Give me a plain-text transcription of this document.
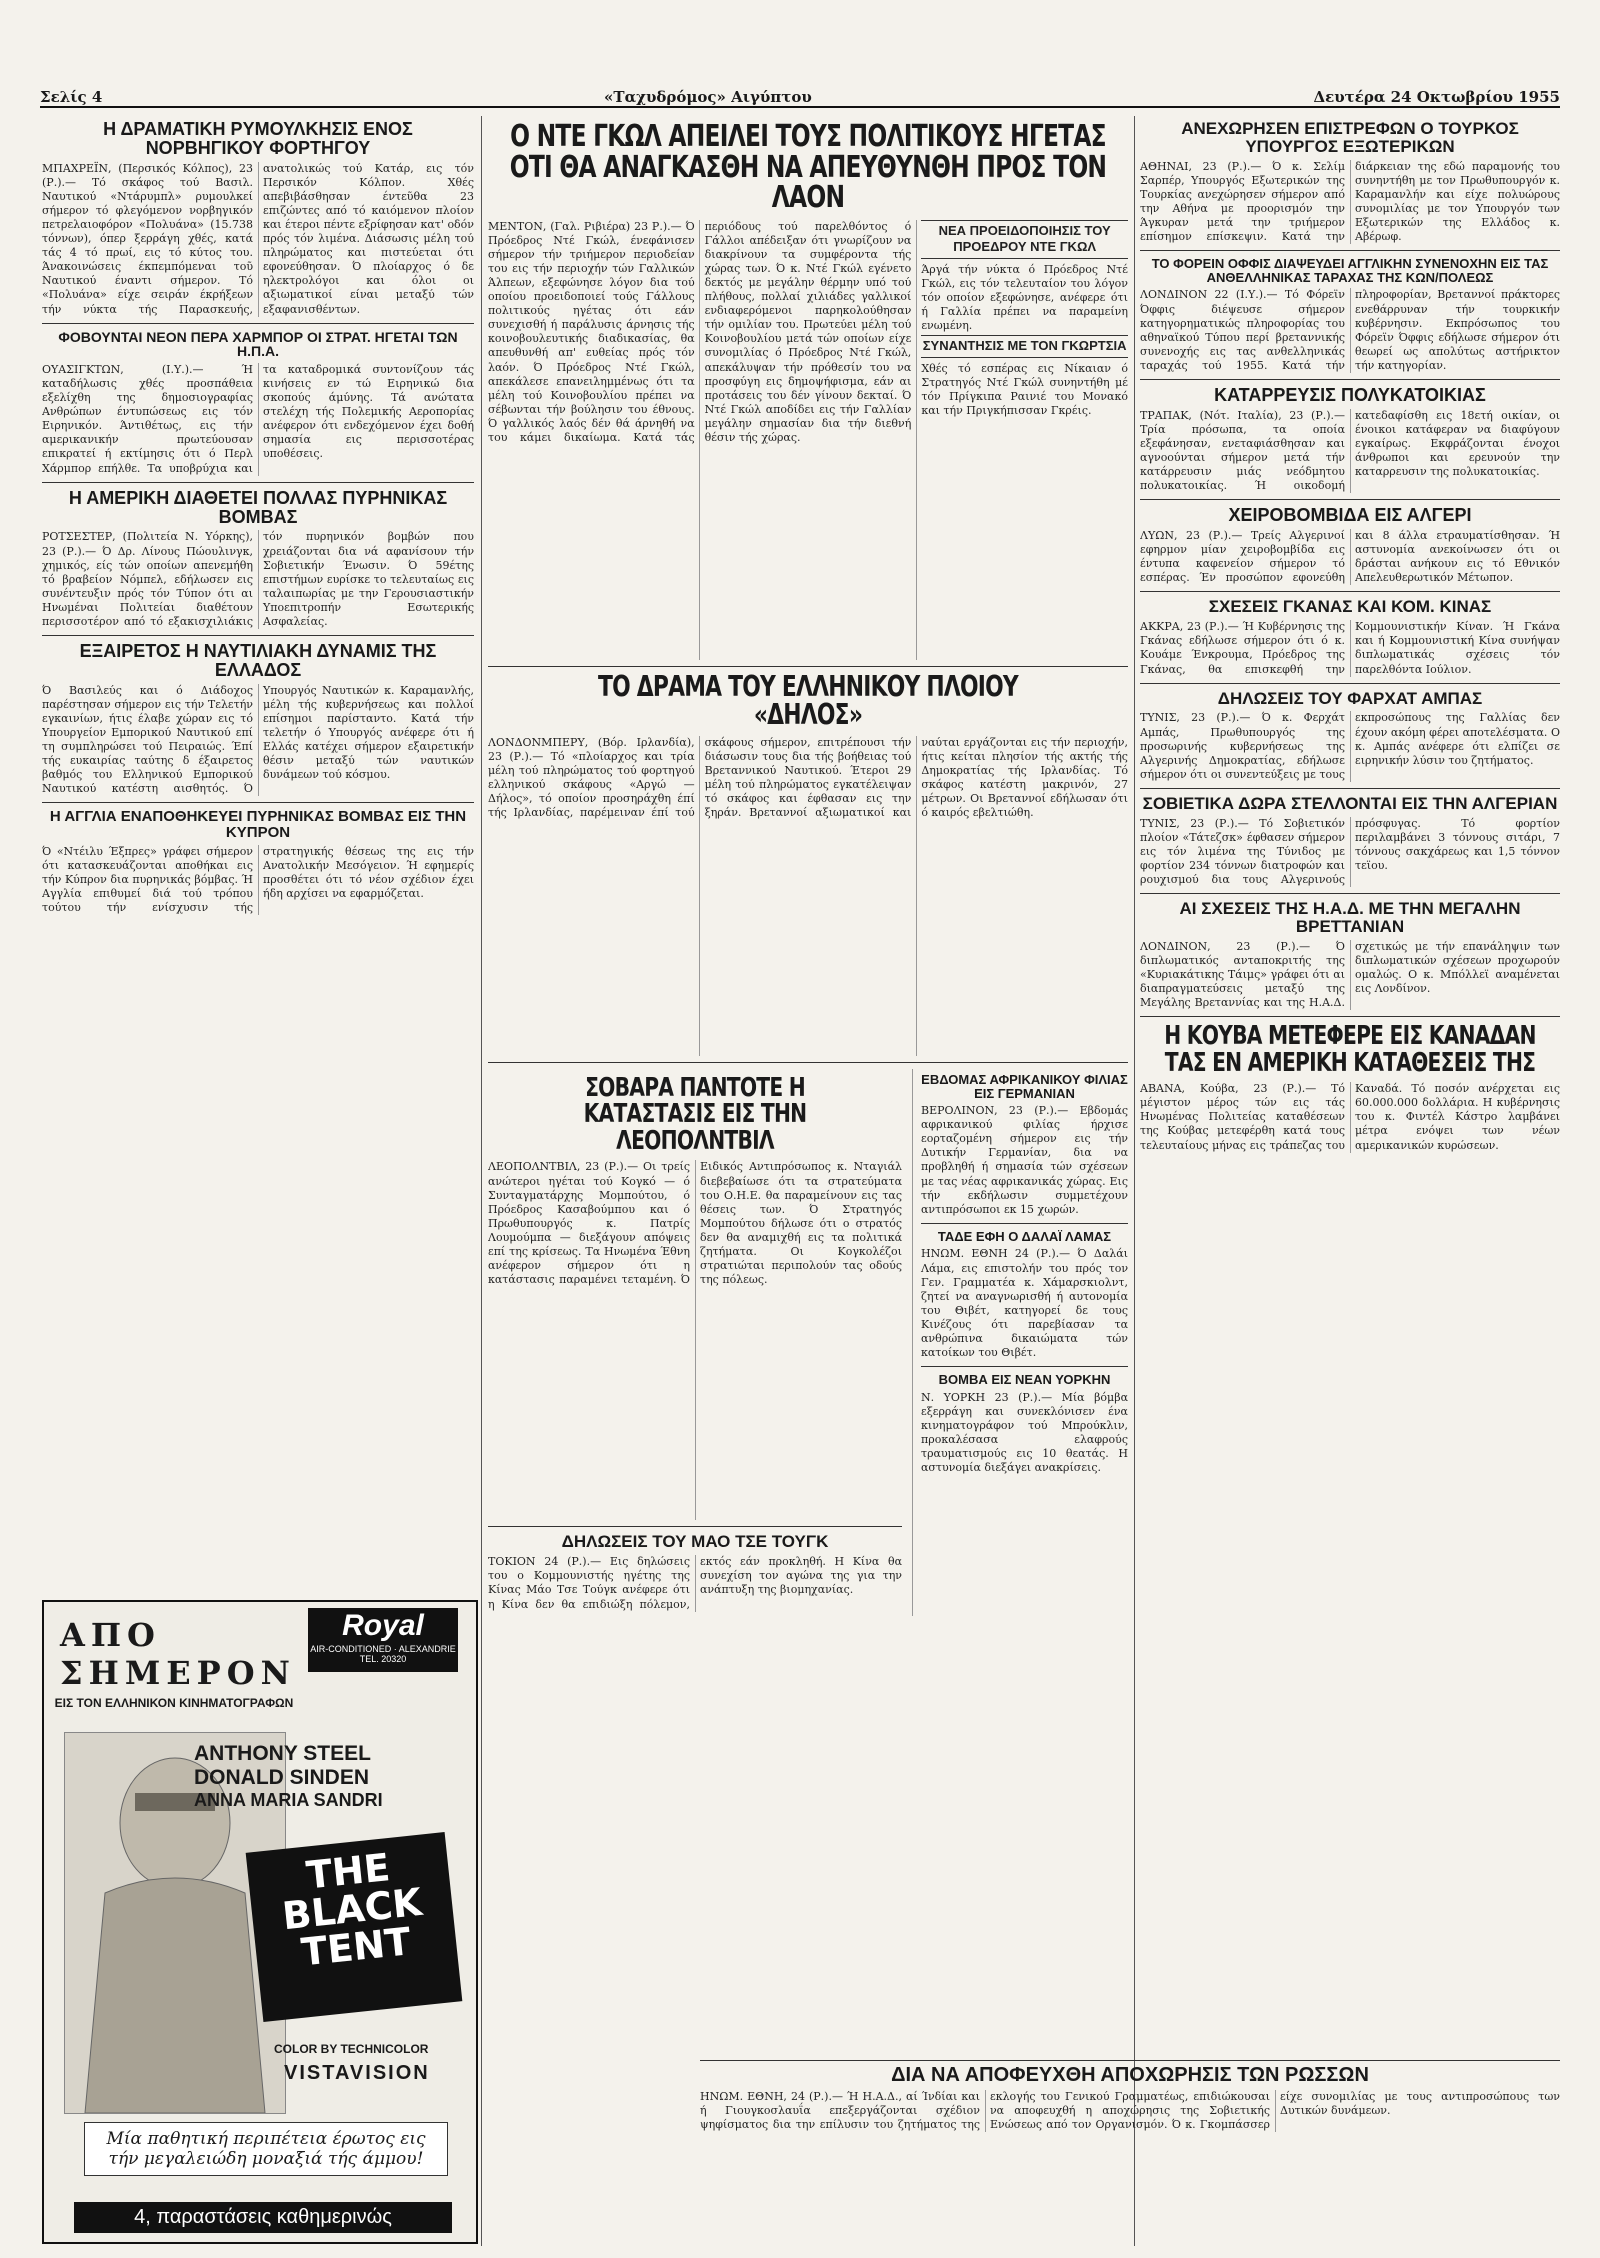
Σελίς 4	«Ταχυδρόμος» Αιγύπτου	Δευτέρα 24 Οκτωβρίου 1955
Η ΔΡΑΜΑΤΙΚΗ ΡΥΜΟΥΛΚΗΣΙΣ ΕΝΟΣ ΝΟΡΒΗΓΙΚΟΥ ΦΟΡΤΗΓΟΥ
ΜΠΑΧΡΕΪΝ, (Περσικός Κόλπος), 23 (Ρ.).— Τό σκάφος τού Βασιλ. Ναυτικού «Ντάρυμπλ» ρυμουλκεί σήμερον τό φλεγόμενον νορβηγικόν πετρελαιοφόρον «Πολυάνα» (15.738 τόννων), όπερ ξερράγη χθές, κατά τάς 4 τό πρωί, εις τό κύτος του. Άνακοινώσεις έκπεμπόμεναι τοῦ Ναυτικού έναντι σήμερον. Τό «Πολυάνα» είχε σειράν έκρήξεων τήν νύκτα τής Παρασκευής, ανατολικώς τού Κατάρ, εις τόν Περσικόν Κόλπον. Χθές απεβιβάσθησαν έντεῦθα 23 επιζώντες από τό καιόμενον πλοίον και έτεροι πέντε εξρίφησαν κατ' οδόν πρός τόν λιμένα. Διάσωσις μέλη τού πληρώματος και πιστεύεται ότι εφονεύθησαν. Ό πλοίαρχος ό δε ηλεκτρολόγοι και όλοι οι αξιωματικοί είναι μεταξύ τών εξαφανισθέντων.
ΦΟΒΟΥΝΤΑΙ ΝΕΟΝ ΠΕΡΑ ΧΑΡΜΠΟΡ ΟΙ ΣΤΡΑΤ. ΗΓΕΤΑΙ ΤΩΝ Η.Π.Α.
ΟΥΑΣΙΓΚΤΩΝ, (Ι.Υ.).— Ή καταδήλωσις χθές προσπάθεια εξελίχθη της δημοσιογραφίας Ανθρώπων έντυπώσεως εις τόν Ειρηνικόν. Άντιθέτως, εις τήν αμερικανικήν πρωτεύουσαν επικρατεί ή εκτίμησις ότι ό Περλ Χάρμπορ επήλθε. Τα υποβρύχια και τα καταδρομικά συντονίζουν τάς κινήσεις εν τώ Ειρηνικώ δια σκοπούς άμύνης. Τά ανώτατα στελέχη τής Πολεμικής Αεροπορίας ανέφερον ότι ενδεχόμενον έχει δοθή σημασία εις περισσοτέρας υποθέσεις.
Η ΑΜΕΡΙΚΗ ΔΙΑΘΕΤΕΙ ΠΟΛΛΑΣ ΠΥΡΗΝΙΚΑΣ ΒΟΜΒΑΣ
ΡΟΤΣΕΣΤΕΡ, (Πολιτεία Ν. Υόρκης), 23 (Ρ.).— Ό Δρ. Λίνους Πώουλινγκ, χημικός, είς τών οποίων απενεμήθη τό βραβείον Νόμπελ, εδήλωσεν εις συνέντευξιν πρός τόν Τύπον ότι αι Ηνωμέναι Πολιτείαι διαθέτουν περισσοτέρον από τό εξακισχιλιάκις τόν πυρηνικόν βομβών που χρειάζονται δια νά αφανίσουν τήν Σοβιετικήν Ένωσιν. Ό 59έτης επιστήμων ευρίσκε το τελευταίως εις ταλαιπωρίας με την Γερουσιαστικήν Υποεπιτροπήν Εσωτερικής Ασφαλείας.
ΕΞΑΙΡΕΤΟΣ Η ΝΑΥΤΙΛΙΑΚΗ ΔΥΝΑΜΙΣ ΤΗΣ ΕΛΛΑΔΟΣ
Ό Βασιλεύς και ό Διάδοχος παρέστησαν σήμερον εις τήν Τελετήν εγκαινίων, ήτις έλαβε χώραν εις τό Υπουργείον Εμπορικού Ναυτικού επί τη συμπληρώσει τού Πειραιώς. Έπί τής ευκαιρίας ταύτης δ έξαιρετος βαθμός του Ελληνικού Εμπορικού Ναυτικού κατέστη αισθητός. Ό Υπουργός Ναυτικών κ. Καραμανλής, μέλη τής κυβερνήσεως και πολλοί επίσημοι παρίσταντο. Κατά τήν τελετήν ό Υπουργός ανέφερε ότι ή Ελλάς κατέχει σήμερον εξαιρετικήν θέσιν μεταξύ τών ναυτικών δυνάμεων τού κόσμου.
Η ΑΓΓΛΙΑ ΕΝΑΠΟΘΗΚΕΥΕΙ ΠΥΡΗΝΙΚΑΣ ΒΟΜΒΑΣ ΕΙΣ ΤΗΝ ΚΥΠΡΟΝ
Ό «Ντέιλυ Έξπρες» γράφει σήμερον ότι κατασκευάζονται αποθήκαι εις τήν Κύπρον δια πυρηνικάς βόμβας. Ή Αγγλία επιθυμεί διά τού τρόπου τούτου τήν ενίσχυσιν τής στρατηγικής θέσεως της εις τήν Ανατολικήν Μεσόγειον. Ή εφημερίς προσθέτει ότι τό νέον σχέδιον έχει ήδη αρχίσει να εφαρμόζεται.
ΑΠΟ ΣΗΜΕΡΟΝ
ΕΙΣ ΤΟΝ ΕΛΛΗΝΙΚΟΝ ΚΙΝΗΜΑΤΟΓΡΑΦΩΝ
Royal
AIR-CONDITIONED · ALEXANDRIE TEL. 20320
ANTHONY STEEL
DONALD SINDEN
ANNA MARIA SANDRI
THE BLACK TENT
COLOR BY TECHNICOLOR
VISTAVISION
Μία παθητική περιπέτεια έρωτος εις τήν μεγαλειώδη μοναξιά τής άμμου!
4, παραστάσεις καθημερινώς
Ο ΝΤΕ ΓΚΩΛ ΑΠΕΙΛΕΙ ΤΟΥΣ ΠΟΛΙΤΙΚΟΥΣ ΗΓΕΤΑΣ ΟΤΙ ΘΑ ΑΝΑΓΚΑΣΘΗ ΝΑ ΑΠΕΥΘΥΝΘΗ ΠΡΟΣ ΤΟΝ ΛΑΟΝ
ΜΕΝΤΟΝ, (Γαλ. Ριβιέρα) 23 Ρ.).— Ό Πρόεδρος Ντέ Γκώλ, ένεφάνισεν σήμερον τήν τριήμερον περιοδείαν του εις τήν περιοχήν τών Γαλλικών Άλπεων, εξεφώνησε λόγον δια τού οποίου προειδοποιεί τούς Γάλλους πολιτικούς ηγέτας ότι εάν συνεχισθή ή παράλυσις άρνησις τής κοινοβουλευτικής διαδικασίας, θα απευθυνθή απ' ευθείας πρός τόν λαόν. Ό Πρόεδρος Ντέ Γκώλ, απεκάλεσε επανειλημμένως ότι τα μέλη τού Κοινοβουλίου πρέπει να σέβωνται τήν βούλησιν του έθνους. Ό γαλλικός λαός δέν θά άρνηθή να του κάμει δικαίωμα. Κατά τάς περιόδους τού παρελθόντος ό Γάλλοι απέδειξαν ότι γνωρίζουν να διακρίνουν τα συμφέροντα τής χώρας των. Ό κ. Ντέ Γκώλ εγένετο δεκτός με μεγάλην θέρμην υπό τού πλήθους, πολλαί χιλιάδες γαλλικοί ενδιαφερόμενοι παρηκολούθησαν τήν ομιλίαν του. Πρωτεύει μέλη τού Κοινοβουλίου μετά τών οποίων είχε συνομιλίας ό Πρόεδρος Ντέ Γκώλ, απεκάλυψαν τήν πρόθεσίν του να προσφύγη εις δημοψήφισμα, εάν αι προτάσεις του δέν γίνουν δεκταί. Ό Ντέ Γκώλ αποδίδει εις τήν Γαλλίαν μεγάλην σημασίαν δια τήν διεθνή θέσιν τής χώρας.
ΝΕΑ ΠΡΟΕΙΔΟΠΟΙΗΣΙΣ ΤΟΥ ΠΡΟΕΔΡΟΥ ΝΤΕ ΓΚΩΛ
Άργά τήν νύκτα ό Πρόεδρος Ντέ Γκώλ, εις τόν τελευταίον του λόγον τόν οποίον εξεφώνησε, ανέφερε ότι ή Γαλλία πρέπει να παραμείνη ενωμένη.
ΣΥΝΑΝΤΗΣΙΣ ΜΕ ΤΟΝ ΓΚΩΡΤΣΙΑ
Χθές τό εσπέρας εις Νίκαιαν ό Στρατηγός Ντέ Γκώλ συνηντήθη μέ τόν Πρίγκιπα Ραινιέ του Μονακό και τήν Πριγκήπισσαν Γκρέις.
ΤΟ ΔΡΑΜΑ ΤΟΥ ΕΛΛΗΝΙΚΟΥ ΠΛΟΙΟΥ «ΔΗΛΟΣ»
ΛΟΝΔΟΝΜΠΕΡΥ, (Βόρ. Ιρλανδία), 23 (Ρ.).— Τό «πλοίαρχος και τρία μέλη τού πληρώματος τού φορτηγού ελληνικού σκάφους «Αργώ — Δήλος», τό οποίον προσηράχθη έπί τής Ιρλανδίας, παρέμειναν έπί τού σκάφους σήμερον, επιτρέπουσι τήν διάσωσιν τους δια τής βοήθειας τού Βρεταννικού Ναυτικού. Έτεροι 29 μέλη τού πληρώματος εγκατέλειψαν τό σκάφος και έφθασαν εις την ξηράν. Βρεταννοί αξιωματικοί και ναύται εργάζονται εις τήν περιοχήν, ήτις κείται πλησίον τής ακτής τής Δημοκρατίας τής Ιρλανδίας. Τό σκάφος κατέστη μακρινόν, 27 μέτρων. Οι Βρεταννοί εδήλωσαν ότι ό καιρός εβελτιώθη.
ΣΟΒΑΡΑ ΠΑΝΤΟΤΕ Η ΚΑΤΑΣΤΑΣΙΣ ΕΙΣ ΤΗΝ ΛΕΟΠΟΛΝΤΒΙΛ
ΛΕΟΠΟΛΝΤΒΙΛ, 23 (Ρ.).— Οι τρείς ανώτεροι ηγέται τού Κογκό — ό Συνταγματάρχης Μομπούτου, ό Πρόεδρος Κασαβούμπου και ό Πρωθυπουργός κ. Πατρίς Λουμούμπα — διεξάγουν απόψεις επί της κρίσεως. Τα Ηνωμένα Έθνη ανέφερον σήμερον ότι η κατάστασις παραμένει τεταμένη. Ό Ειδικός Αντιπρόσωπος κ. Νταγιάλ διεβεβαίωσε ότι τα στρατεύματα του Ο.Η.Ε. θα παραμείνουν εις τας θέσεις των. Ό Στρατηγός Μομπούτου δήλωσε ότι ο στρατός δεν θα αναμιχθή εις τα πολιτικά ζητήματα. Οι Κογκολέζοι στρατιώται περιπολούν τας οδούς της πόλεως.
ΔΗΛΩΣΕΙΣ ΤΟΥ ΜΑΟ ΤΣΕ ΤΟΥΓΚ
ΤΟΚΙΟΝ 24 (Ρ.).— Εις δηλώσεις του ο Κομμουνιστής ηγέτης της Κίνας Μάο Τσε Τούγκ ανέφερε ότι η Κίνα δεν θα επιδιώξη πόλεμον, εκτός εάν προκληθή. Η Κίνα θα συνεχίση τον αγώνα της για την ανάπτυξη της βιομηχανίας.
ΕΒΔΟΜΑΣ ΑΦΡΙΚΑΝΙΚΟΥ ΦΙΛΙΑΣ ΕΙΣ ΓΕΡΜΑΝΙΑΝ
ΒΕΡΟΛΙΝΟΝ, 23 (Ρ.).— Εβδομάς αφρικανικού φιλίας ήρχισε εορταζομένη σήμερον εις τήν Δυτικήν Γερμανίαν, δια να προβληθή ή σημασία τών σχέσεων με τας νέας αφρικανικάς χώρας. Εις τήν εκδήλωσιν συμμετέχουν αντιπρόσωποι εκ 15 χωρών.
ΤΑΔΕ ΕΦΗ Ο ΔΑΛΑΪ ΛΑΜΑΣ
ΗΝΩΜ. ΕΘΝΗ 24 (Ρ.).— Ό Δαλάι Λάμα, εις επιστολήν του πρός τον Γεν. Γραμματέα κ. Χάμαρσκιολντ, ζητεί να αναγνωρισθή ή αυτονομία του Θιβέτ, κατηγορεί δε τους Κινέζους ότι παρεβίασαν τα ανθρώπινα δικαιώματα τών κατοίκων του Θιβέτ.
ΒΟΜΒΑ ΕΙΣ ΝΕΑΝ ΥΟΡΚΗΝ
Ν. ΥΟΡΚΗ 23 (Ρ.).— Μία βόμβα εξερράγη και συνεκλόνισεν ένα κινηματογράφον τού Μπρούκλιν, προκαλέσασα ελαφρούς τραυματισμούς εις 10 θεατάς. Η αστυνομία διεξάγει ανακρίσεις.
ΑΝΕΧΩΡΗΣΕΝ ΕΠΙΣΤΡΕΦΩΝ Ο ΤΟΥΡΚΟΣ ΥΠΟΥΡΓΟΣ ΕΞΩΤΕΡΙΚΩΝ
ΑΘΗΝΑΙ, 23 (Ρ.).— Ό κ. Σελίμ Σαρπέρ, Υπουργός Εξωτερικών της Τουρκίας ανεχώρησεν σήμερον από την Αθήνα με προορισμόν την Άγκυραν μετά την τριήμερον επίσημον επίσκεψιν. Κατά την διάρκειαν της εδώ παραμονής του συνηντήθη με τον Πρωθυπουργόν κ. Καραμανλήν και είχε πολυώρους συνομιλίας με τον Υπουργόν των Εξωτερικών της Ελλάδος κ. Αβέρωφ.
ΤΟ ΦΟΡΕΙΝ ΟΦΦΙΣ ΔΙΑΨΕΥΔΕΙ ΑΓΓΛΙΚΗΝ ΣΥΝΕΝΟΧΗΝ ΕΙΣ ΤΑΣ ΑΝΘΕΛΛΗΝΙΚΑΣ ΤΑΡΑΧΑΣ ΤΗΣ ΚΩΝ/ΠΟΛΕΩΣ
ΛΟΝΔΙΝΟΝ 22 (Ι.Υ.).— Τό Φόρεϊν Όφφις διέψευσε σήμερον κατηγορηματικώς πληροφορίας του αθηναϊκού Τύπου περί βρεταννικής συνενοχής εις τας ανθελληνικάς ταραχάς τού 1955. Κατά τήν πληροφορίαν, Βρεταννοί πράκτορες ενεθάρρυναν τήν τουρκικήν κυβέρνησιν. Εκπρόσωπος του Φόρεϊν Όφφις εδήλωσε σήμερον ότι θεωρεί ως απολύτως αστήρικτον τήν κατηγορίαν.
ΚΑΤΑΡΡΕΥΣΙΣ ΠΟΛΥΚΑΤΟΙΚΙΑΣ
ΤΡΑΠΑΚ, (Νότ. Ιταλία), 23 (Ρ.).— Τρία πρόσωπα, τα οποία εξεφάνησαν, ενεταφιάσθησαν και αγνοούνται σήμερον μετά τήν κατάρρευσιν μιάς νεόδμητου πολυκατοικίας. Ή οικοδομή κατεδαφίσθη εις 18ετή οικίαν, οι ένοικοι κατάφεραν να διαφύγουν εγκαίρως. Εκφράζονται ένοχοι άνθρωποι και ερευνούν την καταρρευσιν της πολυκατοικίας.
ΧΕΙΡΟΒΟΜΒΙΔΑ ΕΙΣ ΑΛΓΕΡΙ
ΛΥΩΝ, 23 (Ρ.).— Τρείς Αλγερινοί εφηρμον μίαν χειροβομβίδα εις έντυπα καφενείον σήμερον τό εσπέρας. Έν προσώπον εφονεύθη και 8 άλλα ετραυματίσθησαν. Ή αστυνομία ανεκοίνωσεν ότι οι δράσται ανήκουν εις τό Εθνικόν Απελευθερωτικόν Μέτωπον.
ΣΧΕΣΕΙΣ ΓΚΑΝΑΣ ΚΑΙ ΚΟΜ. ΚΙΝΑΣ
ΑΚΚΡΑ, 23 (Ρ.).— Ή Κυβέρνησις της Γκάνας εδήλωσε σήμερον ότι ό κ. Κουάμε Ένκρουμα, Πρόεδρος της Γκάνας, θα επισκεφθή την Κομμουνιστικήν Κίναν. Ή Γκάνα και ή Κομμουνιστική Κίνα συνήψαν διπλωματικάς σχέσεις τόν παρελθόντα Ιούλιον.
ΔΗΛΩΣΕΙΣ ΤΟΥ ΦΑΡΧΑΤ ΑΜΠΑΣ
ΤΥΝΙΣ, 23 (Ρ.).— Ό κ. Φερχάτ Αμπάς, Πρωθυπουργός της προσωρινής κυβερνήσεως της Αλγερινής Δημοκρατίας, εδήλωσε σήμερον ότι οι συνεντεύξεις με τους εκπροσώπους της Γαλλίας δεν έχουν ακόμη φέρει αποτελέσματα. Ο κ. Αμπάς ανέφερε ότι ελπίζει σε ειρηνικήν λύσιν του ζητήματος.
ΣΟΒΙΕΤΙΚΑ ΔΩΡΑ ΣΤΕΛΛΟΝΤΑΙ ΕΙΣ ΤΗΝ ΑΛΓΕΡΙΑΝ
ΤΥΝΙΣ, 23 (Ρ.).— Τό Σοβιετικόν πλοίον «Τάτεζσκ» έφθασεν σήμερον εις τόν λιμένα της Τύνιδος με φορτίον 234 τόννων διατροφών και ρουχισμού δια τους Αλγερινούς πρόσφυγας. Τό φορτίον περιλαμβάνει 3 τόννους σιτάρι, 7 τόννους σακχάρεως και 1,5 τόννον τεϊου.
ΑΙ ΣΧΕΣΕΙΣ ΤΗΣ Η.Α.Δ. ΜΕ ΤΗΝ ΜΕΓΑΛΗΝ ΒΡΕΤΤΑΝΙΑΝ
ΛΟΝΔΙΝΟΝ, 23 (Ρ.).— Ό διπλωματικός ανταποκριτής της «Κυριακάτικης Τάιμς» γράφει ότι αι διαπραγματεύσεις μεταξύ της Μεγάλης Βρεταννίας και της Η.Α.Δ. σχετικώς με τήν επανάληψιν των διπλωματικών σχέσεων προχωρούν ομαλώς. Ο κ. Μπόλλεϊ αναμένεται εις Λονδίνον.
Η ΚΟΥΒΑ ΜΕΤΕΦΕΡΕ ΕΙΣ ΚΑΝΑΔΑΝ ΤΑΣ ΕΝ ΑΜΕΡΙΚΗ ΚΑΤΑΘΕΣΕΙΣ ΤΗΣ
ΑΒΑΝΑ, Κούβα, 23 (Ρ.).— Τό μέγιστον μέρος τών εις τάς Ηνωμένας Πολιτείας καταθέσεων της Κούβας μετεφέρθη κατά τους τελευταίους μήνας εις τράπεζας του Καναδά. Τό ποσόν ανέρχεται εις 60.000.000 δολλάρια. Η κυβέρνησις του κ. Φιντέλ Κάστρο λαμβάνει μέτρα ενόψει των νέων αμερικανικών κυρώσεων.
ΔΙΑ ΝΑ ΑΠΟΦΕΥΧΘΗ ΑΠΟΧΩΡΗΣΙΣ ΤΩΝ ΡΩΣΣΩΝ
ΗΝΩΜ. ΕΘΝΗ, 24 (Ρ.).— Ή Η.Α.Δ., αί Ίνδίαι και ή Γιουγκοσλαυΐα επεξεργάζονται σχέδιον ψηφίσματος δια την επίλυσιν του ζητήματος της εκλογής του Γενικού Γραμματέως, επιδιώκουσαι να αποφευχθή η αποχώρησις της Σοβιετικής Ενώσεως από τον Οργανισμόν. Ό κ. Γκομπάσσερ είχε συνομιλίας με τους αντιπροσώπους των Δυτικών δυνάμεων.
